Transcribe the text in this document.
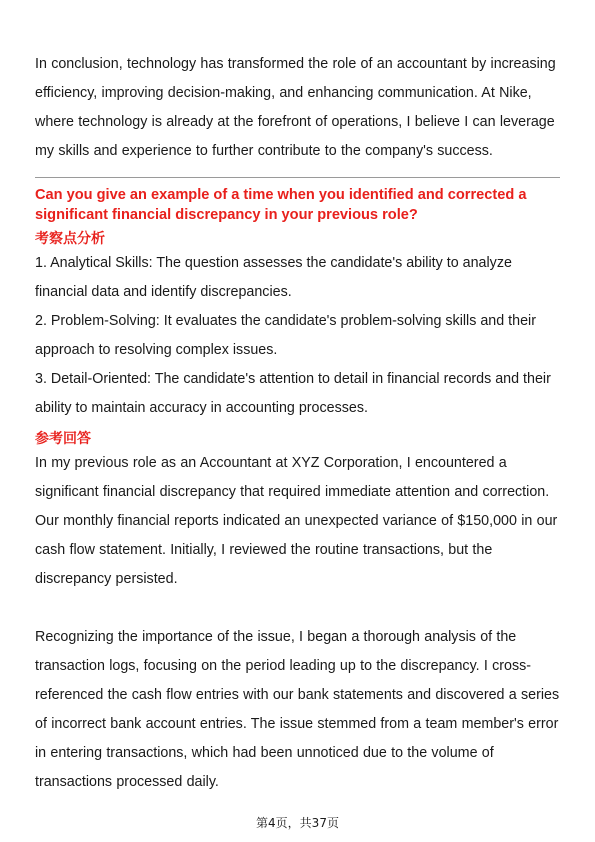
In conclusion, technology has transformed the role of an accountant by increasing efficiency, improving decision-making, and enhancing communication. At Nike, where technology is already at the forefront of operations, I believe I can leverage my skills and experience to further contribute to the company's success.

Can you give an example of a time when you identified and corrected a significant financial discrepancy in your previous role?

考察点分析

1. Analytical Skills: The question assesses the candidate's ability to analyze financial data and identify discrepancies.

2. Problem-Solving: It evaluates the candidate's problem-solving skills and their approach to resolving complex issues.

3. Detail-Oriented: The candidate's attention to detail in financial records and their ability to maintain accuracy in accounting processes.

参考回答

In my previous role as an Accountant at XYZ Corporation, I encountered a significant financial discrepancy that required immediate attention and correction. Our monthly financial reports indicated an unexpected variance of $150,000 in our cash flow statement. Initially, I reviewed the routine transactions, but the discrepancy persisted.

Recognizing the importance of the issue, I began a thorough analysis of the transaction logs, focusing on the period leading up to the discrepancy. I cross-referenced the cash flow entries with our bank statements and discovered a series of incorrect bank account entries. The issue stemmed from a team member's error in entering transactions, which had been unnoticed due to the volume of transactions processed daily.

第4页，共37页
